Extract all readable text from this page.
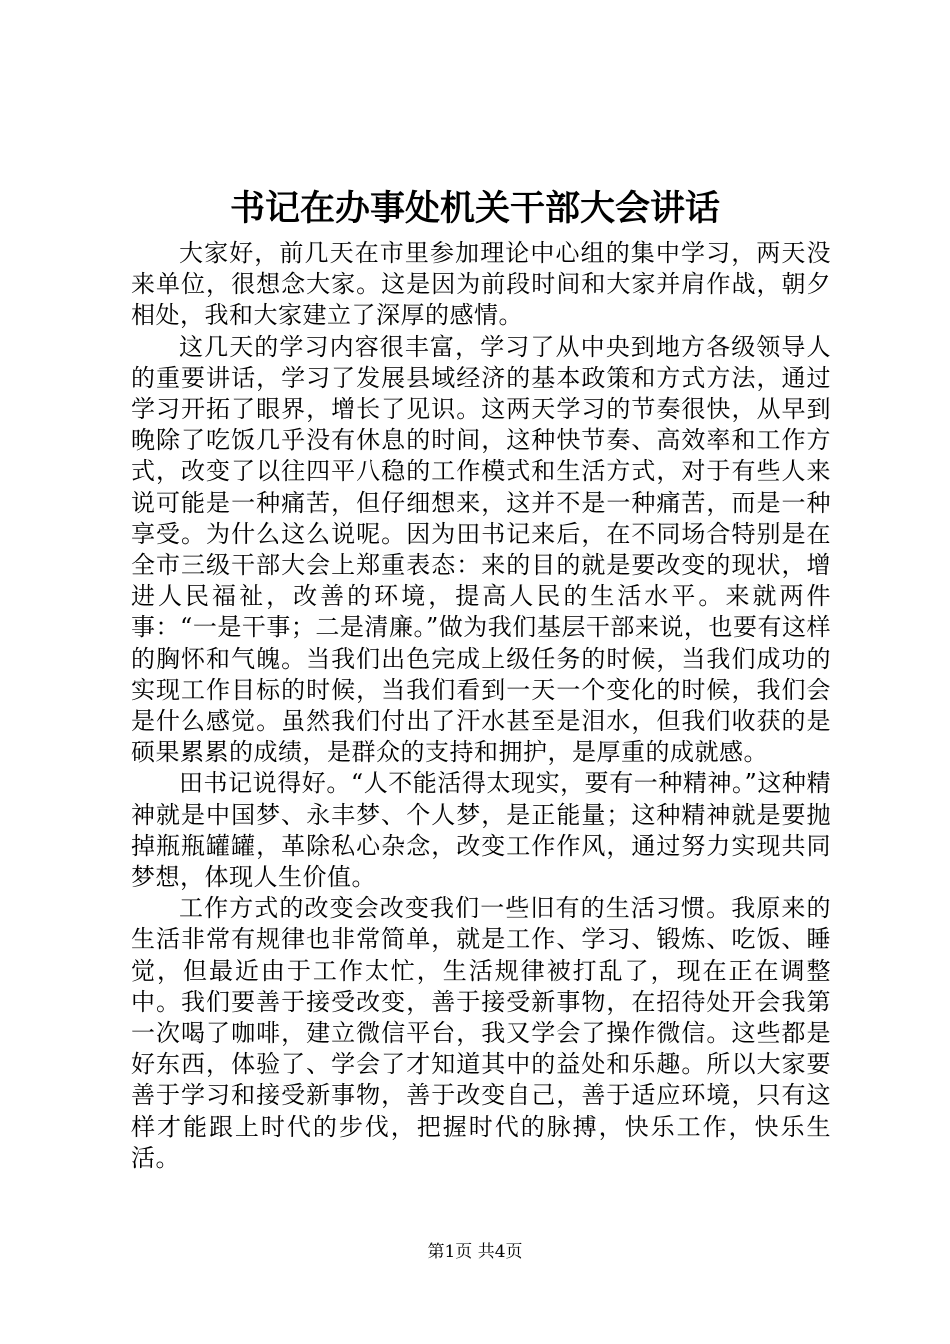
书记在办事处机关干部大会讲话

大家好，前几天在市里参加理论中心组的集中学习，两天没来单位，很想念大家。这是因为前段时间和大家并肩作战，朝夕相处，我和大家建立了深厚的感情。

这几天的学习内容很丰富，学习了从中央到地方各级领导人的重要讲话，学习了发展县域经济的基本政策和方式方法，通过学习开拓了眼界，增长了见识。这两天学习的节奏很快，从早到晚除了吃饭几乎没有休息的时间，这种快节奏、高效率和工作方式，改变了以往四平八稳的工作模式和生活方式，对于有些人来说可能是一种痛苦，但仔细想来，这并不是一种痛苦，而是一种享受。为什么这么说呢。因为田书记来后，在不同场合特别是在全市三级干部大会上郑重表态：来的目的就是要改变的现状，增进人民福祉，改善的环境，提高人民的生活水平。来就两件事：“一是干事；二是清廉。”做为我们基层干部来说，也要有这样的胸怀和气魄。当我们出色完成上级任务的时候，当我们成功的实现工作目标的时候，当我们看到一天一个变化的时候，我们会是什么感觉。虽然我们付出了汗水甚至是泪水，但我们收获的是硕果累累的成绩，是群众的支持和拥护，是厚重的成就感。

田书记说得好。“人不能活得太现实，要有一种精神。”这种精神就是中国梦、永丰梦、个人梦，是正能量；这种精神就是要抛掉瓶瓶罐罐，革除私心杂念，改变工作作风，通过努力实现共同梦想，体现人生价值。

工作方式的改变会改变我们一些旧有的生活习惯。我原来的生活非常有规律也非常简单，就是工作、学习、锻炼、吃饭、睡觉，但最近由于工作太忙，生活规律被打乱了，现在正在调整中。我们要善于接受改变，善于接受新事物，在招待处开会我第一次喝了咖啡，建立微信平台，我又学会了操作微信。这些都是好东西，体验了、学会了才知道其中的益处和乐趣。所以大家要善于学习和接受新事物，善于改变自己，善于适应环境，只有这样才能跟上时代的步伐，把握时代的脉搏，快乐工作，快乐生活。

第1页 共4页
